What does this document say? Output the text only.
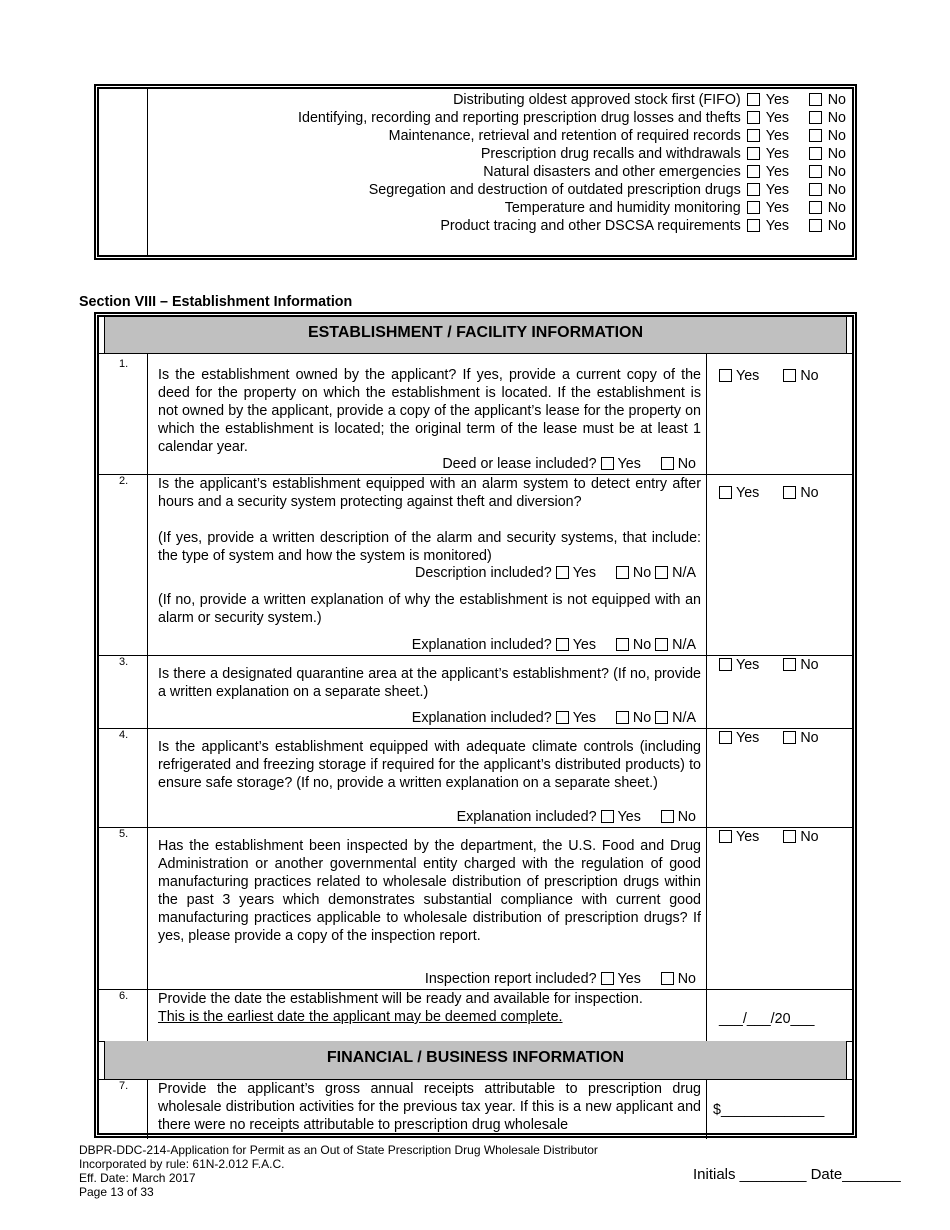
Distributing oldest approved stock first (FIFO) Yes	No
Identifying, recording and reporting prescription drug losses and thefts Yes	No
Maintenance, retrieval and retention of required records Yes	No
Prescription drug recalls and withdrawals Yes	No
Natural disasters and other emergencies Yes	No
Segregation and destruction of outdated prescription drugs Yes	No
Temperature and humidity monitoring Yes	No
Product tracing and other DSCSA requirements Yes	No
Section VIII – Establishment Information
ESTABLISHMENT / FACILITY INFORMATION
1.
Is the establishment owned by the applicant? If yes, provide a current copy of the deed for the property on which the establishment is located. If the establishment is not owned by the applicant, provide a copy of the applicant’s lease for the property on which the establishment is located; the original term of the lease must be at least 1 calendar year.
Deed or lease included? Yes	No
Yes	No
2. Is the applicant’s establishment equipped with an alarm system to detect entry after hours and a security system protecting against theft and diversion?
Yes	No
(If yes, provide a written description of the alarm and security systems, that include: the type of system and how the system is monitored)
Description included? Yes	No N/A
(If no, provide a written explanation of why the establishment is not equipped with an alarm or security system.)
Explanation included? Yes	No N/A
3.
Is there a designated quarantine area at the applicant’s establishment? (If no, provide a written explanation on a separate sheet.)
Explanation included? Yes	No N/A
Yes	No
4.
Is the applicant’s establishment equipped with adequate climate controls (including refrigerated and freezing storage if required for the applicant’s distributed products) to ensure safe storage? (If no, provide a written explanation on a separate sheet.)
Explanation included? Yes	No
Yes	No
5.
Has the establishment been inspected by the department, the U.S. Food and Drug Administration or another governmental entity charged with the regulation of good manufacturing practices related to wholesale distribution of prescription drugs within the past 3 years which demonstrates substantial compliance with current good manufacturing practices applicable to wholesale distribution of prescription drugs? If yes, please provide a copy of the inspection report.
Inspection report included? Yes	No
Yes	No
6. Provide the date the establishment will be ready and available for inspection.

This is the earliest date the applicant may be deemed complete.	___/___/20___
FINANCIAL / BUSINESS INFORMATION
7. Provide the applicant’s gross annual receipts attributable to prescription drug wholesale distribution activities for the previous tax year. If this is a new applicant and there were no receipts attributable to prescription drug wholesale
$_____________
DBPR-DDC-214-Application for Permit as an Out of State Prescription Drug Wholesale Distributor
Incorporated by rule: 61N-2.012 F.A.C.
Eff. Date: March 2017
Page 13 of 33
Initials ________ Date_______
